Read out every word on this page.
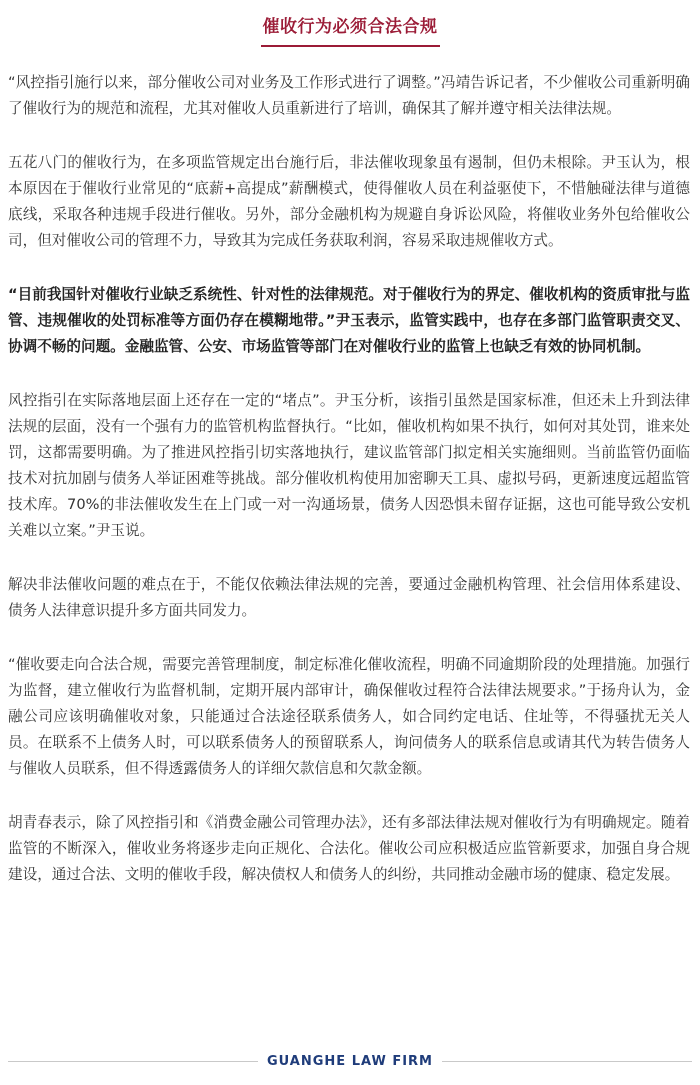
催收行为必须合法合规

“风控指引施行以来，部分催收公司对业务及工作形式进行了调整。”冯靖告诉记者，不少催收公司重新明确了催收行为的规范和流程，尤其对催收人员重新进行了培训，确保其了解并遵守相关法律法规。

五花八门的催收行为，在多项监管规定出台施行后，非法催收现象虽有遏制，但仍未根除。尹玉认为，根本原因在于催收行业常见的“底薪+高提成”薪酬模式，使得催收人员在利益驱使下，不惜触碰法律与道德底线，采取各种违规手段进行催收。另外，部分金融机构为规避自身诉讼风险，将催收业务外包给催收公司，但对催收公司的管理不力，导致其为完成任务获取利润，容易采取违规催收方式。

“目前我国针对催收行业缺乏系统性、针对性的法律规范。对于催收行为的界定、催收机构的资质审批与监管、违规催收的处罚标准等方面仍存在模糊地带。”尹玉表示，监管实践中，也存在多部门监管职责交叉、协调不畅的问题。金融监管、公安、市场监管等部门在对催收行业的监管上也缺乏有效的协同机制。

风控指引在实际落地层面上还存在一定的“堵点”。尹玉分析，该指引虽然是国家标准，但还未上升到法律法规的层面，没有一个强有力的监管机构监督执行。“比如，催收机构如果不执行，如何对其处罚，谁来处罚，这都需要明确。为了推进风控指引切实落地执行，建议监管部门拟定相关实施细则。当前监管仍面临技术对抗加剧与债务人举证困难等挑战。部分催收机构使用加密聊天工具、虚拟号码，更新速度远超监管技术库。70%的非法催收发生在上门或一对一沟通场景，债务人因恐惧未留存证据，这也可能导致公安机关难以立案。”尹玉说。

解决非法催收问题的难点在于，不能仅依赖法律法规的完善，要通过金融机构管理、社会信用体系建设、债务人法律意识提升多方面共同发力。

“催收要走向合法合规，需要完善管理制度，制定标准化催收流程，明确不同逾期阶段的处理措施。加强行为监督，建立催收行为监督机制，定期开展内部审计，确保催收过程符合法律法规要求。”于扬舟认为，金融公司应该明确催收对象，只能通过合法途径联系债务人，如合同约定电话、住址等，不得骚扰无关人员。在联系不上债务人时，可以联系债务人的预留联系人，询问债务人的联系信息或请其代为转告债务人与催收人员联系，但不得透露债务人的详细欠款信息和欠款金额。

胡青春表示，除了风控指引和《消费金融公司管理办法》，还有多部法律法规对催收行为有明确规定。随着监管的不断深入，催收业务将逐步走向正规化、合法化。催收公司应积极适应监管新要求，加强自身合规建设，通过合法、文明的催收手段，解决债权人和债务人的纠纷，共同推动金融市场的健康、稳定发展。

GUANGHE LAW FIRM
